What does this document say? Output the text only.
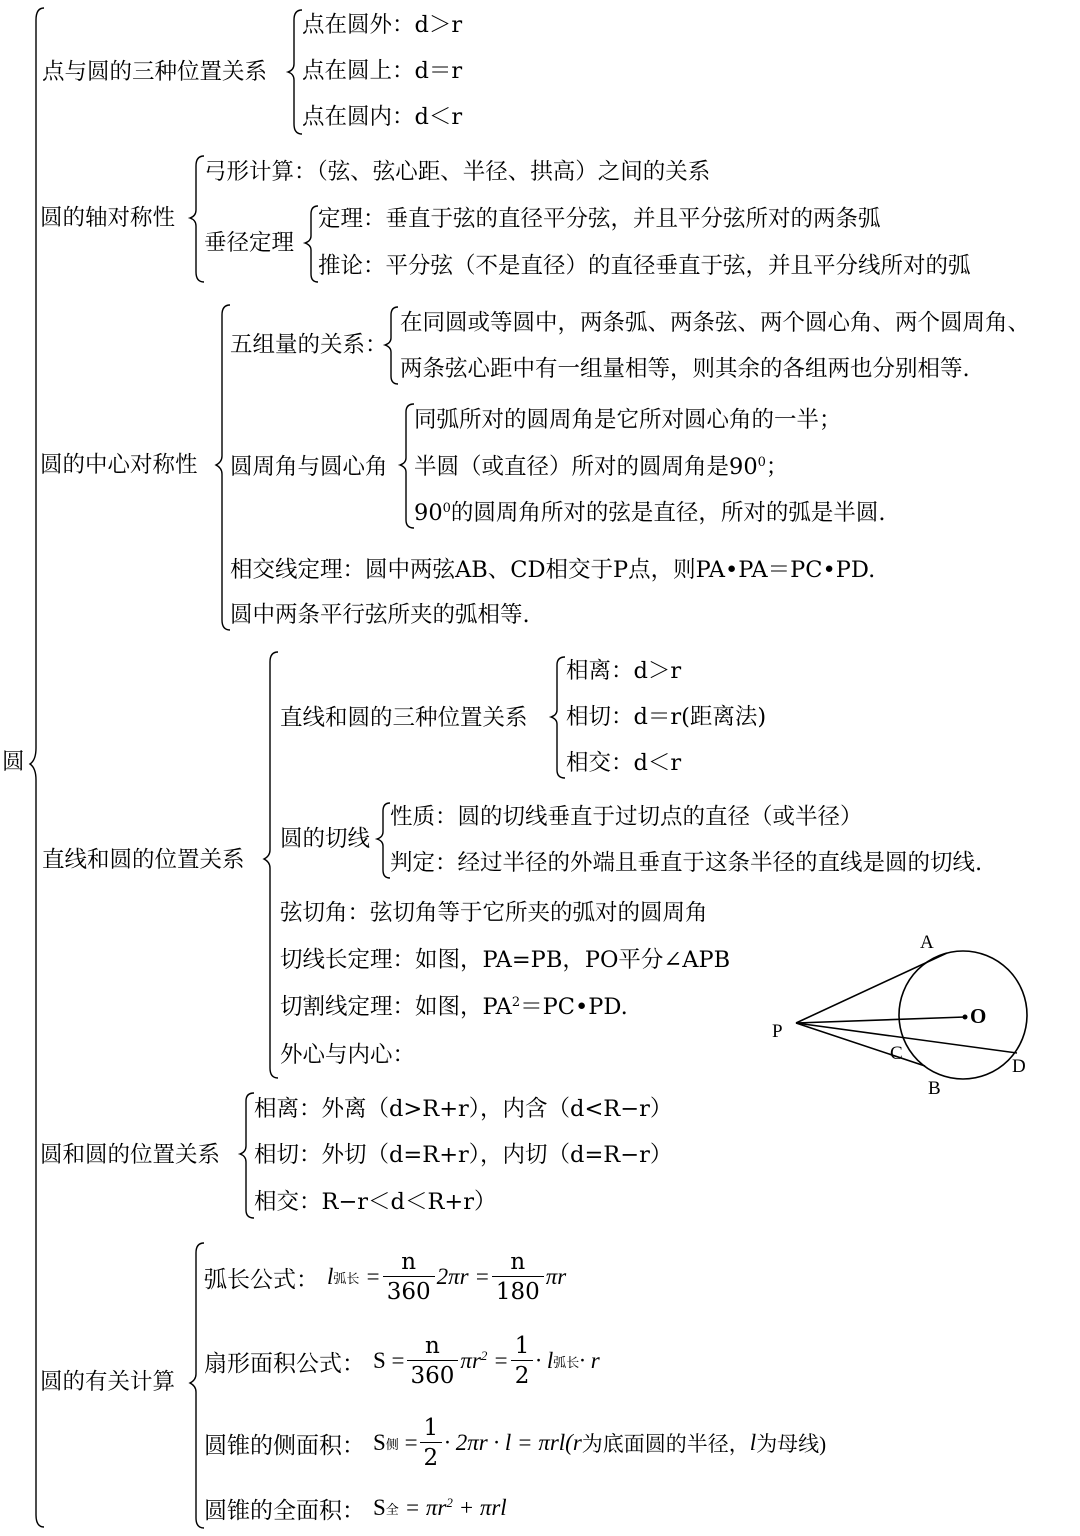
圆
点与圆的三种位置关系
点在圆外：d＞r
点在圆上：d＝r
点在圆内：d＜r
圆的轴对称性
弓形计算：（弦、弦心距、半径、拱高）之间的关系
垂径定理
定理：垂直于弦的直径平分弦，并且平分弦所对的两条弧
推论：平分弦（不是直径）的直径垂直于弦，并且平分线所对的弧
圆的中心对称性
五组量的关系：
在同圆或等圆中，两条弧、两条弦、两个圆心角、两个圆周角、
两条弦心距中有一组量相等，则其余的各组两也分别相等.
圆周角与圆心角
同弧所对的圆周角是它所对圆心角的一半；
半圆（或直径）所对的圆周角是$90^0$；
$90^0$的圆周角所对的弦是直径，所对的弧是半圆.
相交线定理：圆中两弦AB、CD相交于P点，则PA•PA＝PC•PD.
圆中两条平行弦所夹的弧相等.
直线和圆的位置关系
直线和圆的三种位置关系
相离：d＞r
相切：d＝r(距离法)
相交：d＜r
圆的切线
性质：圆的切线垂直于过切点的直径（或半径）
判定：经过半径的外端且垂直于这条半径的直线是圆的切线.
弦切角：弦切角等于它所夹的弧对的圆周角
切线长定理：如图，PA=PB，PO平分∠APB
切割线定理：如图，$PA^2=PC•PD$.
外心与内心：
A
O
P
C
D
B
圆和圆的位置关系
相离：外离（d>R+r），内含（d<R−r）
相切：外切（d=R+r），内切（d=R−r）
相交：R−r＜d＜R+r）
圆的有关计算
弧长公式： l 弧长 = $\frac{n}{360} 2\pi r = \frac{n}{180}$ πr
扇形面积公式： $S = \frac{n}{360} \pi r^2 = \frac{1}{2} \cdot l$ 弧长 · r
圆锥的侧面积： S 侧 = $\frac{1}{2} \cdot 2\pi r \cdot l = \pi rl(r$ 为底面圆的半径， l 为母线)
圆锥的全面积： S 全 = $\pi r^2 + \pi rl$
